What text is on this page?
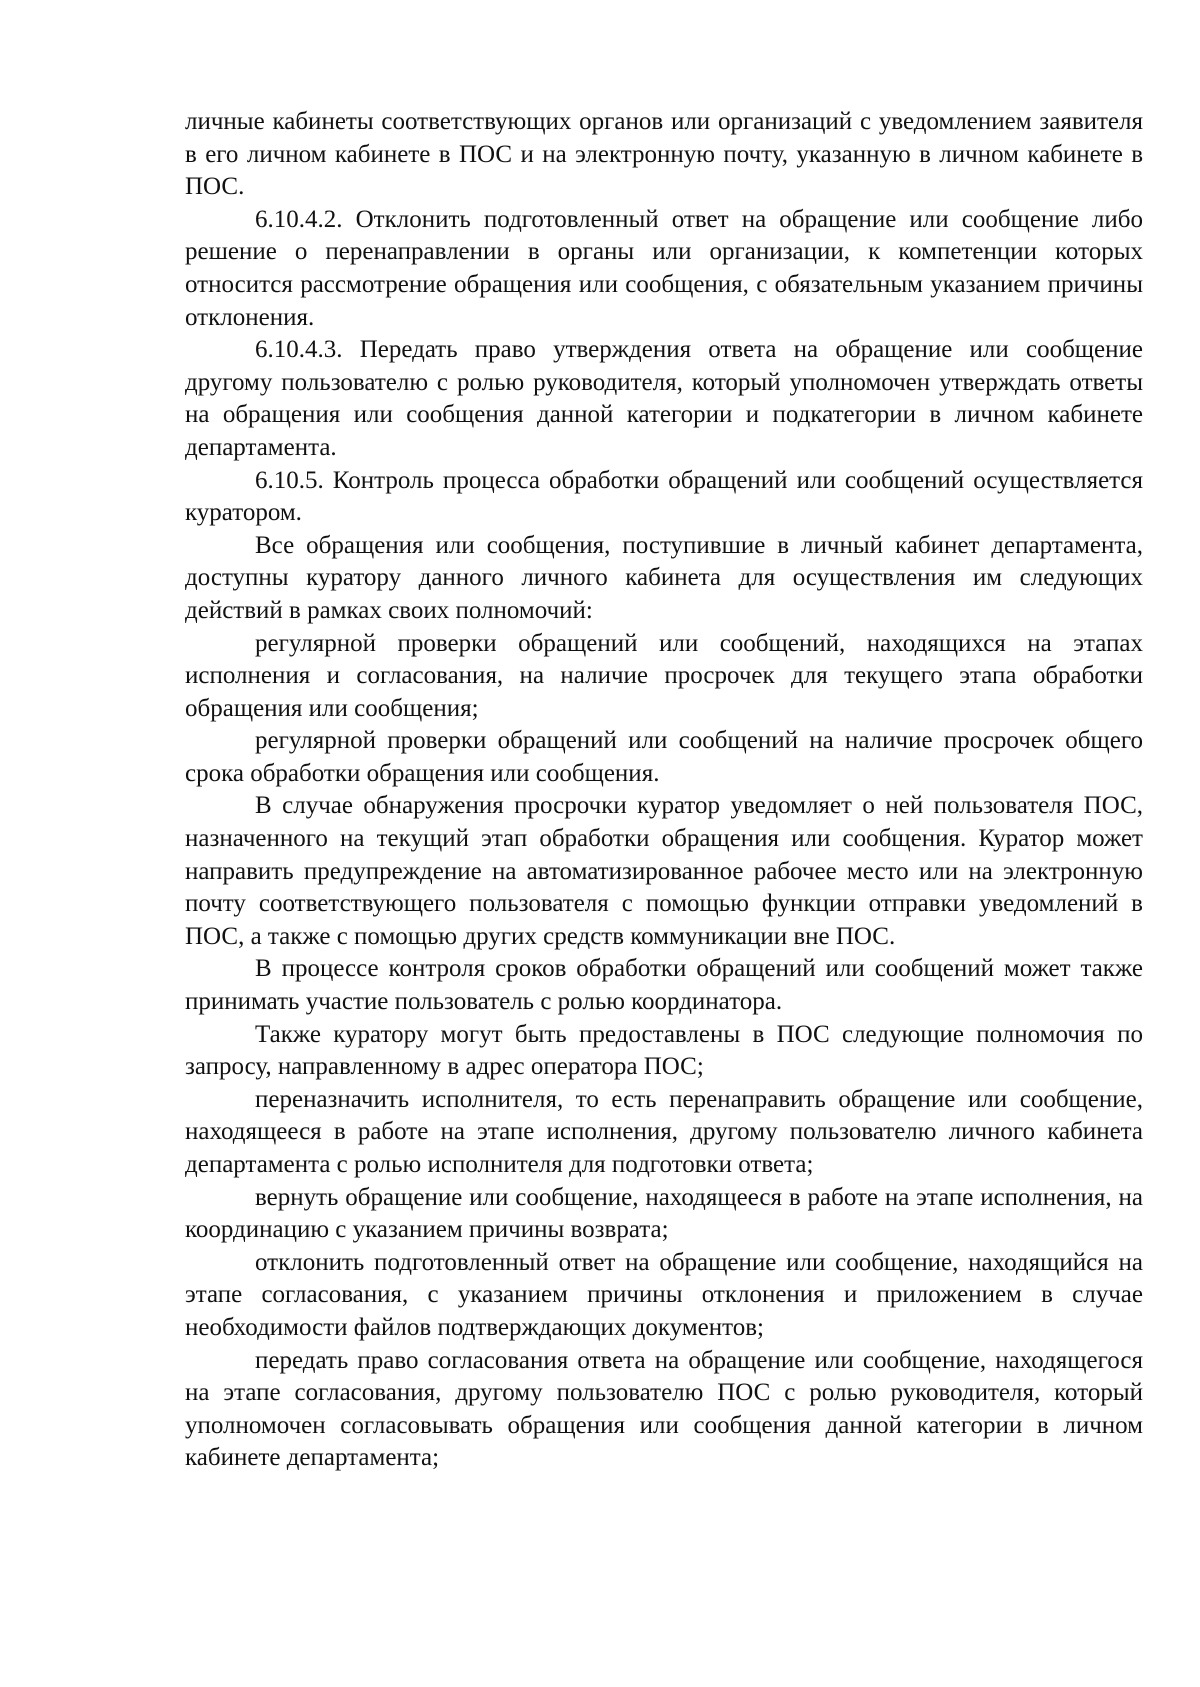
личные кабинеты соответствующих органов или организаций с уведомлением заявителя в его личном кабинете в ПОС и на электронную почту, указанную в личном кабинете в ПОС.

6.10.4.2. Отклонить подготовленный ответ на обращение или сообщение либо решение о перенаправлении в органы или организации, к компетенции которых относится рассмотрение обращения или сообщения, с обязательным указанием причины отклонения.

6.10.4.3. Передать право утверждения ответа на обращение или сообщение другому пользователю с ролью руководителя, который уполномочен утверждать ответы на обращения или сообщения данной категории и подкатегории в личном кабинете департамента.

6.10.5. Контроль процесса обработки обращений или сообщений осуществляется куратором.

Все обращения или сообщения, поступившие в личный кабинет департамента, доступны куратору данного личного кабинета для осуществления им следующих действий в рамках своих полномочий:

регулярной проверки обращений или сообщений, находящихся на этапах исполнения и согласования, на наличие просрочек для текущего этапа обработки обращения или сообщения;

регулярной проверки обращений или сообщений на наличие просрочек общего срока обработки обращения или сообщения.

В случае обнаружения просрочки куратор уведомляет о ней пользователя ПОС, назначенного на текущий этап обработки обращения или сообщения. Куратор может направить предупреждение на автоматизированное рабочее место или на электронную почту соответствующего пользователя с помощью функции отправки уведомлений в ПОС, а также с помощью других средств коммуникации вне ПОС.

В процессе контроля сроков обработки обращений или сообщений может также принимать участие пользователь с ролью координатора.

Также куратору могут быть предоставлены в ПОС следующие полномочия по запросу, направленному в адрес оператора ПОС;

переназначить исполнителя, то есть перенаправить обращение или сообщение, находящееся в работе на этапе исполнения, другому пользователю личного кабинета департамента с ролью исполнителя для подготовки ответа;

вернуть обращение или сообщение, находящееся в работе на этапе исполнения, на координацию с указанием причины возврата;

отклонить подготовленный ответ на обращение или сообщение, находящийся на этапе согласования, с указанием причины отклонения и приложением в случае необходимости файлов подтверждающих документов;

передать право согласования ответа на обращение или сообщение, находящегося на этапе согласования, другому пользователю ПОС с ролью руководителя, который уполномочен согласовывать обращения или сообщения данной категории в личном кабинете департамента;
